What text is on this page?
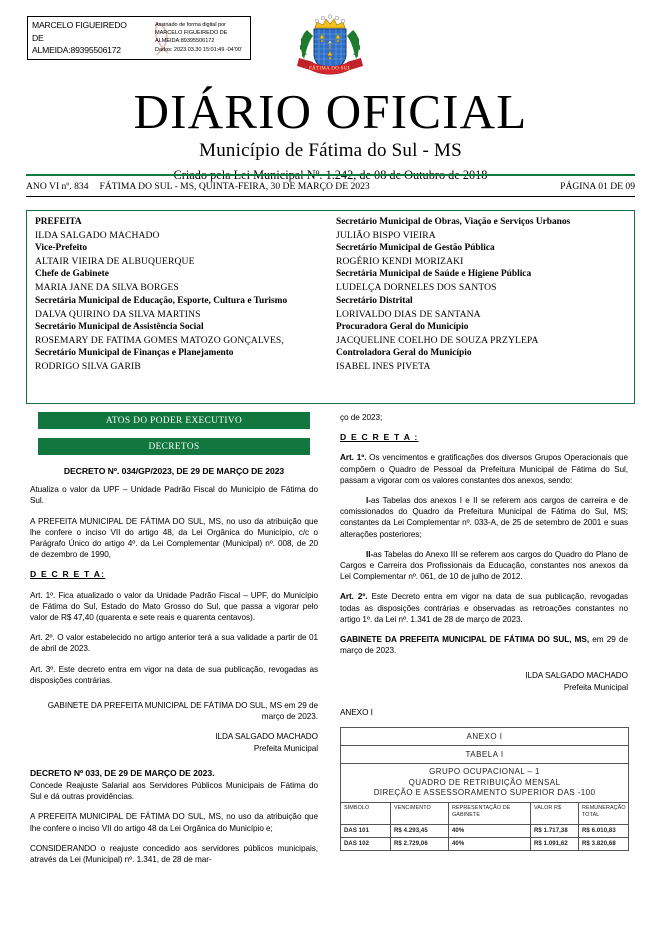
MARCELO FIGUEIREDO
DE
ALMEIDA:89395506172
Assinado de forma digital por
MARCELO FIGUEIREDO DE
ALMEIDA:89395506172
Dados: 2023.03.30 15:01:49 -04'00'
FÁTIMA DO SUL
DIÁRIO OFICIAL
Município de Fátima do Sul - MS
ANO VI nº. 834 FÁTIMA DO SUL - MS, QUINTA-FEIRA, 30 DE MARÇO DE 2023	PÁGINA 01 DE 09
PREFEITA
ILDA SALGADO MACHADO
Vice-Prefeito
ALTAIR VIEIRA DE ALBUQUERQUE
Chefe de Gabinete
MARIA JANE DA SILVA BORGES
Secretária Municipal de Educação, Esporte, Cultura e Turismo
DALVA QUIRINO DA SILVA MARTINS
Secretário Municipal de Assistência Social
ROSEMARY DE FATIMA GOMES MATOZO GONÇALVES,
Secretário Municipal de Finanças e Planejamento
RODRIGO SILVA GARIB
Secretário Municipal de Obras, Viação e Serviços Urbanos
JULIÃO BISPO VIEIRA
Secretário Municipal de Gestão Pública
ROGÉRIO KENDI MORIZAKI
Secretária Municipal de Saúde e Higiene Pública
LUDELÇA DORNELES DOS SANTOS
Secretário Distrital
LORIVALDO DIAS DE SANTANA
Procuradora Geral do Município
JACQUELINE COELHO DE SOUZA PRZYLEPA
Controladora Geral do Município
ISABEL INES PIVETA
ATOS DO PODER EXECUTIVO
DECRETOS

DECRETO Nº. 034/GP/2023, DE 29 DE MARÇO DE 2023

Atualiza o valor da UPF – Unidade Padrão Fiscal do Município de Fátima do Sul.

A PREFEITA MUNICIPAL DE FÁTIMA DO SUL, MS, no uso da atribuição que lhe confere o inciso VII do artigo 48, da Lei Orgânica do Município, c/c o Parágrafo Único do artigo 4º. da Lei Complementar (Municipal) nº. 008, de 20 de dezembro de 1990,

D E C R E T A:

Art. 1º. Fica atualizado o valor da Unidade Padrão Fiscal – UPF, do Município de Fátima do Sul, Estado do Mato Grosso do Sul, que passa a vigorar pelo valor de R$ 47,40 (quarenta e sete reais e quarenta centavos).

Art. 2º. O valor estabelecido no artigo anterior terá a sua validade a partir de 01 de abril de 2023.

Art. 3º. Este decreto entra em vigor na data de sua publicação, revogadas as disposições contrárias.

GABINETE DA PREFEITA MUNICIPAL DE FÁTIMA DO SUL, MS em 29 de março de 2023.

ILDA SALGADO MACHADO

Prefeita Municipal

DECRETO Nº 033, DE 29 DE MARÇO DE 2023.

Concede Reajuste Salarial aos Servidores Públicos Municipais de Fátima do Sul e dá outras providências.

A PREFEITA MUNICIPAL DE FÁTIMA DO SUL, MS, no uso da atribuição que lhe confere o inciso VII do artigo 48 da Lei Orgânica do Município e;

CONSIDERANDO o reajuste concedido aos servidores públicos municipais, através da Lei (Municipal) nº. 1.341, de 28 de mar-

ço de 2023;

D E C R E T A :

Art. 1º. Os vencimentos e gratificações dos diversos Grupos Operacionais que compõem o Quadro de Pessoal da Prefeitura Municipal de Fátima do Sul, passam a vigorar com os valores constantes dos anexos, sendo:

I-as Tabelas dos anexos I e II se referem aos cargos de carreira e de comissionados do Quadro da Prefeitura Municipal de Fátima do Sul, MS; constantes da Lei Complementar nº. 033-A, de 25 de setembro de 2001 e suas alterações posteriores;

II-as Tabelas do Anexo III se referem aos cargos do Quadro do Plano de Cargos e Carreira dos Profissionais da Educação, constantes nos anexos da Lei Complementar nº. 061, de 10 de julho de 2012.

Art. 2º. Este Decreto entra em vigor na data de sua publicação, revogadas todas as disposições contrárias e observadas as retroações constantes no artigo 1º. da Lei nº. 1.341 de 28 de março de 2023.

GABINETE DA PREFEITA MUNICIPAL DE FÁTIMA DO SUL, MS, em 29 de março de 2023.

ILDA SALGADO MACHADO

Prefeita Municipal

ANEXO I

ANEXO I				
TABELA I				

GRUPO OCUPACIONAL – 1
QUADRO DE RETRIBUIÇÃO MENSAL
DIREÇÃO E ASSESSORAMENTO SUPERIOR DAS -100				

SÍMBOLO	VENCIMENTO	REPRESENTAÇÃO DE GABINETE	VALOR R$	REMUNERAÇÃO TOTAL
DAS 101	R$ 4.293,45	40%	R$ 1.717,38	R$ 6.010,83
DAS 102	R$ 2.729,06	40%	R$ 1.091,62	R$ 3.820,68
